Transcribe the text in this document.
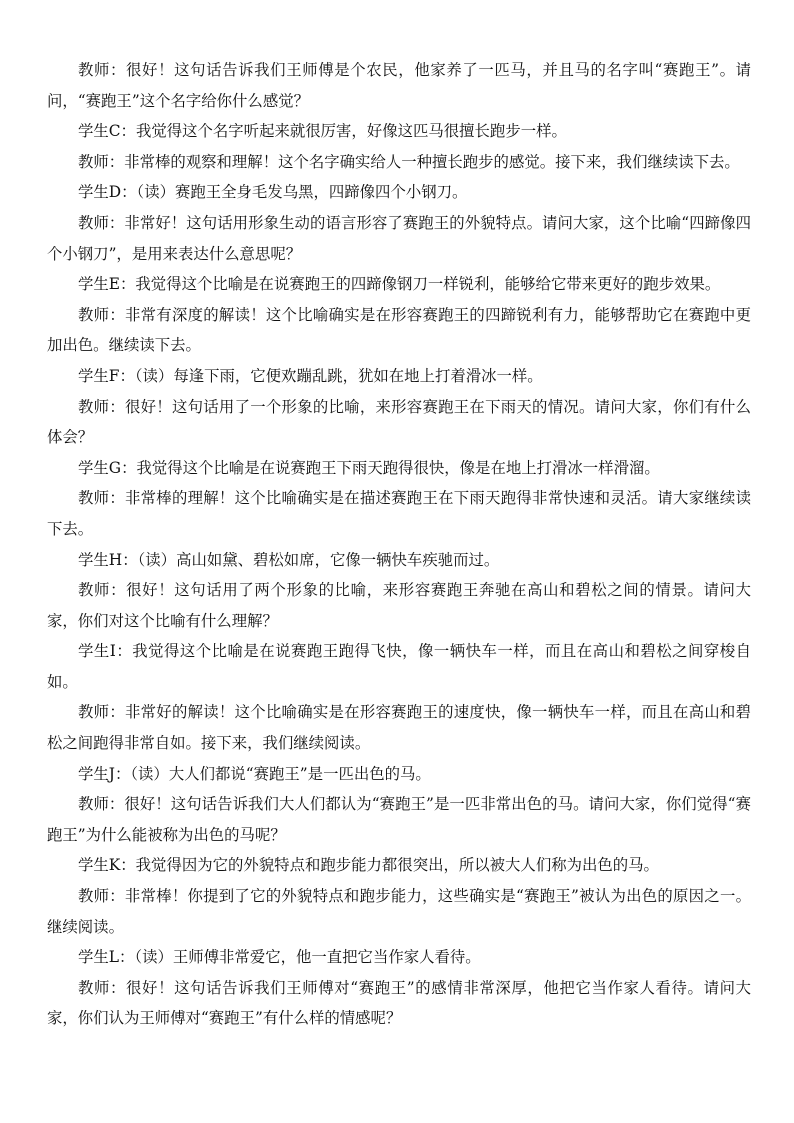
教师：很好！这句话告诉我们王师傅是个农民，他家养了一匹马，并且马的名字叫“赛跑王”。请问，“赛跑王”这个名字给你什么感觉？

学生C：我觉得这个名字听起来就很厉害，好像这匹马很擅长跑步一样。

教师：非常棒的观察和理解！这个名字确实给人一种擅长跑步的感觉。接下来，我们继续读下去。

学生D：（读）赛跑王全身毛发乌黑，四蹄像四个小钢刀。

教师：非常好！这句话用形象生动的语言形容了赛跑王的外貌特点。请问大家，这个比喻“四蹄像四个小钢刀”，是用来表达什么意思呢？

学生E：我觉得这个比喻是在说赛跑王的四蹄像钢刀一样锐利，能够给它带来更好的跑步效果。

教师：非常有深度的解读！这个比喻确实是在形容赛跑王的四蹄锐利有力，能够帮助它在赛跑中更加出色。继续读下去。

学生F：（读）每逢下雨，它便欢蹦乱跳，犹如在地上打着滑冰一样。

教师：很好！这句话用了一个形象的比喻，来形容赛跑王在下雨天的情况。请问大家，你们有什么体会？

学生G：我觉得这个比喻是在说赛跑王下雨天跑得很快，像是在地上打滑冰一样滑溜。

教师：非常棒的理解！这个比喻确实是在描述赛跑王在下雨天跑得非常快速和灵活。请大家继续读下去。

学生H：（读）高山如黛、碧松如席，它像一辆快车疾驰而过。

教师：很好！这句话用了两个形象的比喻，来形容赛跑王奔驰在高山和碧松之间的情景。请问大家，你们对这个比喻有什么理解？

学生I：我觉得这个比喻是在说赛跑王跑得飞快，像一辆快车一样，而且在高山和碧松之间穿梭自如。

教师：非常好的解读！这个比喻确实是在形容赛跑王的速度快，像一辆快车一样，而且在高山和碧松之间跑得非常自如。接下来，我们继续阅读。

学生J：（读）大人们都说“赛跑王”是一匹出色的马。

教师：很好！这句话告诉我们大人们都认为“赛跑王”是一匹非常出色的马。请问大家，你们觉得“赛跑王”为什么能被称为出色的马呢？

学生K：我觉得因为它的外貌特点和跑步能力都很突出，所以被大人们称为出色的马。

教师：非常棒！你提到了它的外貌特点和跑步能力，这些确实是“赛跑王”被认为出色的原因之一。继续阅读。

学生L：（读）王师傅非常爱它，他一直把它当作家人看待。

教师：很好！这句话告诉我们王师傅对“赛跑王”的感情非常深厚，他把它当作家人看待。请问大家，你们认为王师傅对“赛跑王”有什么样的情感呢？
